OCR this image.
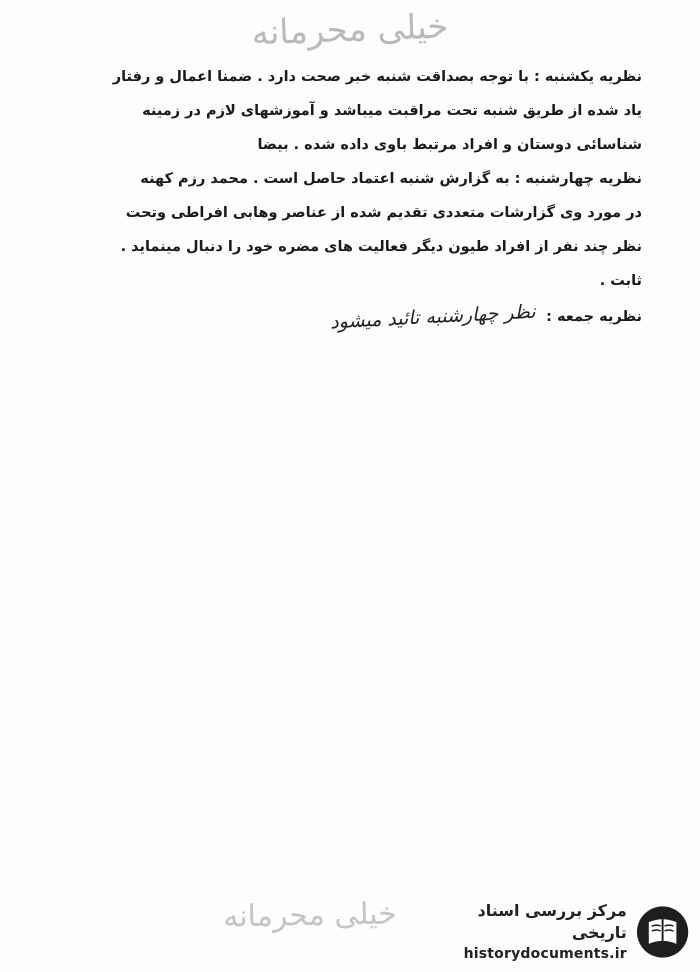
خیلی محرمانه

نظریه یکشنبه : با توجه بصداقت شنبه خبر صحت دارد . ضمنا اعمال و رفتار

یاد شده از طریق شنبه تحت مراقبت میباشد و آموزشهای لازم در زمینه

شناسائی دوستان و افراد مرتبط باوی داده شده . بیضا

نظریه چهارشنبه : به گزارش شنبه اعتماد حاصل است . محمد رزم کهنه

در مورد وی گزارشات متعددی تقدیم شده از عناصر وهابی افراطی وتحت

نظر چند نفر از افراد طیون دیگر فعالیت های مضره خود را دنبال مینماید .

ثابت .

نظریه جمعه :
نظر چهارشنبه تائید میشود
خیلی محرمانه	مرکز بررسی اسناد تاریخی
historydocuments.ir
